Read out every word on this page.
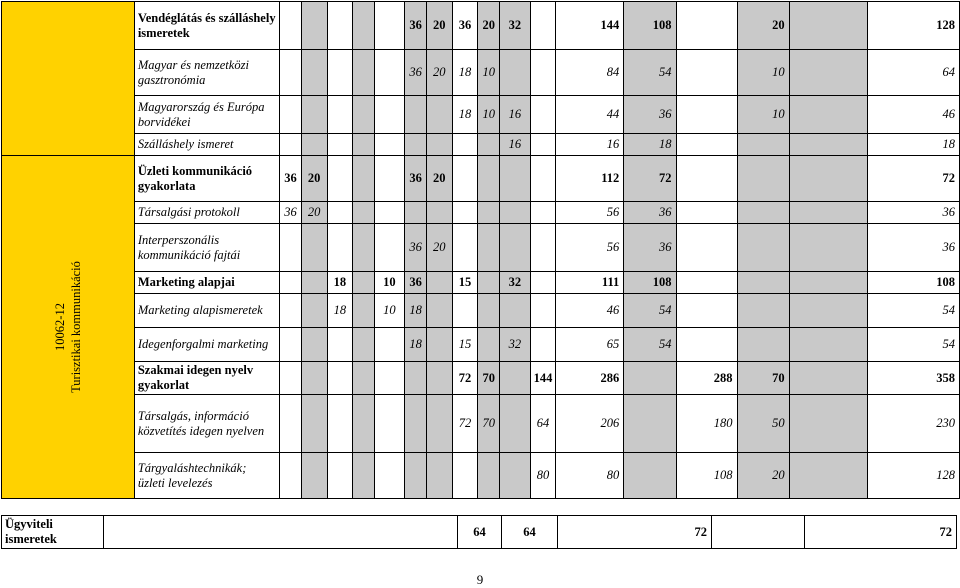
	Vendéglátás és szálláshely ismeretek						36	20	36	20	32		144	108		20		128
	Magyar és nemzetközi gasztronómia						36	20	18	10			84	54		10		64
	Magyarország és Európa borvidékei								18	10	16		44	36		10		46
	Szálláshely ismeret										16		16	18				18
10062-12 Turisztikai kommunikáció	Üzleti kommunikáció gyakorlata	36	20				36	20					112	72				72
	Társalgási protokoll	36	20										56	36				36
	Interperszonális kommunikáció fajtái						36	20					56	36				36
	Marketing alapjai			18		10	36		15		32		111	108				108
	Marketing alapismeretek			18		10	18						46	54				54
	Idegenforgalmi marketing						18		15		32		65	54				54
	Szakmai idegen nyelv gyakorlat								72	70		144	286		288	70		358
	Társalgás, információ közvetítés idegen nyelven								72	70		64	206		180	50		230
	Tárgyaláshtechnikák; üzleti levelezés											80	80		108	20		128
Ügyviteli ismeretek		64	64	72		72
9
